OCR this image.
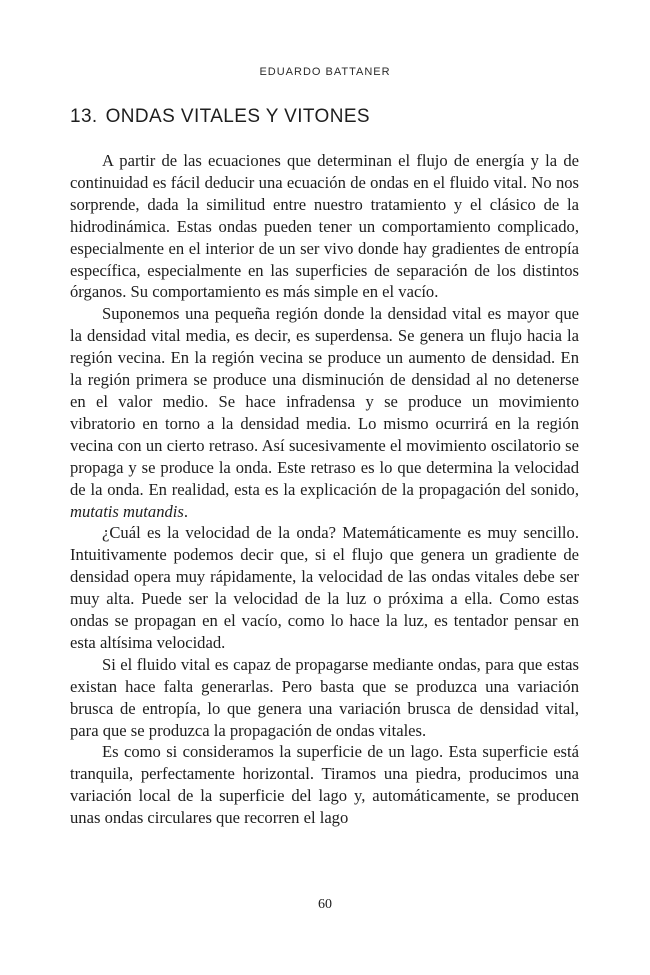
EDUARDO BATTANER
13. ONDAS VITALES Y VITONES

A partir de las ecuaciones que determinan el flujo de energía y la de continuidad es fácil deducir una ecuación de ondas en el fluido vital. No nos sorprende, dada la similitud entre nuestro tratamiento y el clásico de la hidrodinámica. Estas ondas pueden tener un comportamiento complicado, especialmente en el interior de un ser vivo donde hay gradientes de entropía específica, especialmente en las superficies de separación de los distintos órganos. Su comportamiento es más simple en el vacío.

Suponemos una pequeña región donde la densidad vital es mayor que la densidad vital media, es decir, es superdensa. Se genera un flujo hacia la región vecina. En la región vecina se produce un aumento de densidad. En la región primera se produce una disminución de densidad al no detenerse en el valor medio. Se hace infradensa y se produce un movimiento vibratorio en torno a la densidad media. Lo mismo ocurrirá en la región vecina con un cierto retraso. Así sucesivamente el movimiento oscilatorio se propaga y se produce la onda. Este retraso es lo que determina la velocidad de la onda. En realidad, esta es la explicación de la propagación del sonido, mutatis mutandis.

¿Cuál es la velocidad de la onda? Matemáticamente es muy sencillo. Intuitivamente podemos decir que, si el flujo que genera un gradiente de densidad opera muy rápidamente, la velocidad de las ondas vitales debe ser muy alta. Puede ser la velocidad de la luz o próxima a ella. Como estas ondas se propagan en el vacío, como lo hace la luz, es tentador pensar en esta altísima velocidad.

Si el fluido vital es capaz de propagarse mediante ondas, para que estas existan hace falta generarlas. Pero basta que se produzca una variación brusca de entropía, lo que genera una variación brusca de densidad vital, para que se produzca la propagación de ondas vitales.

Es como si consideramos la superficie de un lago. Esta superficie está tranquila, perfectamente horizontal. Tiramos una piedra, producimos una variación local de la superficie del lago y, automáticamente, se producen unas ondas circulares que recorren el lago

60
